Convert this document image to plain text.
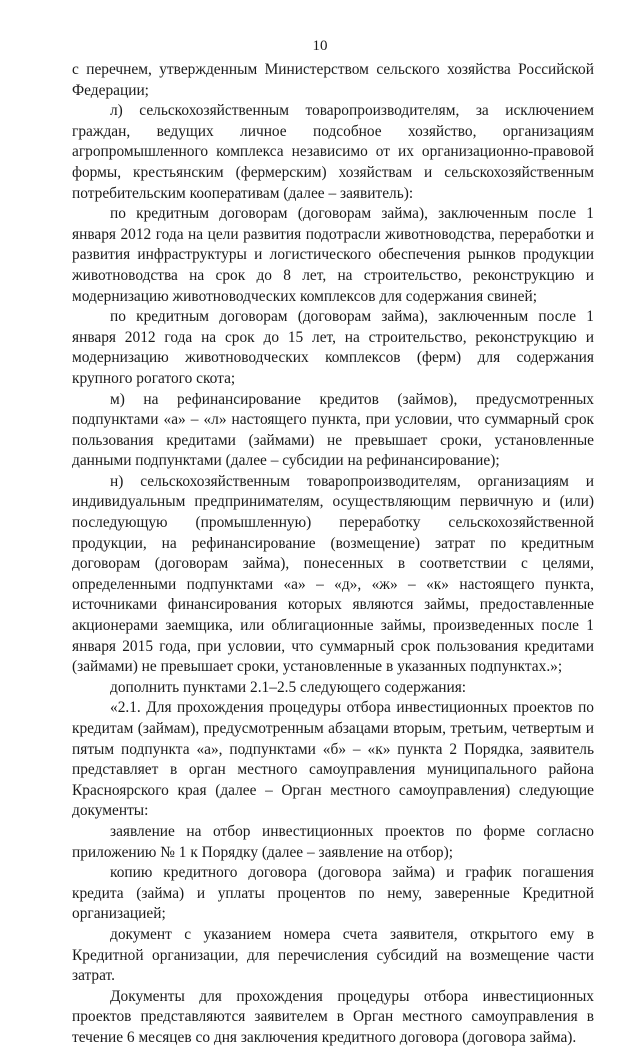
10

с перечнем, утвержденным Министерством сельского хозяйства Российской Федерации;

л) сельскохозяйственным товаропроизводителям, за исключением граждан, ведущих личное подсобное хозяйство, организациям агропромышленного комплекса независимо от их организационно-правовой формы, крестьянским (фермерским) хозяйствам и сельскохозяйственным потребительским кооперативам (далее – заявитель):

по кредитным договорам (договорам займа), заключенным после 1 января 2012 года на цели развития подотрасли животноводства, переработки и развития инфраструктуры и логистического обеспечения рынков продукции животноводства на срок до 8 лет, на строительство, реконструкцию и модернизацию животноводческих комплексов для содержания свиней;

по кредитным договорам (договорам займа), заключенным после 1 января 2012 года на срок до 15 лет, на строительство, реконструкцию и модернизацию животноводческих комплексов (ферм) для содержания крупного рогатого скота;

м) на рефинансирование кредитов (займов), предусмотренных подпунктами «а» – «л» настоящего пункта, при условии, что суммарный срок пользования кредитами (займами) не превышает сроки, установленные данными подпунктами (далее – субсидии на рефинансирование);

н) сельскохозяйственным товаропроизводителям, организациям и индивидуальным предпринимателям, осуществляющим первичную и (или) последующую (промышленную) переработку сельскохозяйственной продукции, на рефинансирование (возмещение) затрат по кредитным договорам (договорам займа), понесенных в соответствии с целями, определенными подпунктами «а» – «д», «ж» – «к» настоящего пункта, источниками финансирования которых являются займы, предоставленные акционерами заемщика, или облигационные займы, произведенных после 1 января 2015 года, при условии, что суммарный срок пользования кредитами (займами) не превышает сроки, установленные в указанных подпунктах.»;

дополнить пунктами 2.1–2.5 следующего содержания:

«2.1. Для прохождения процедуры отбора инвестиционных проектов по кредитам (займам), предусмотренным абзацами вторым, третьим, четвертым и пятым подпункта «а», подпунктами «б» – «к» пункта 2 Порядка, заявитель представляет в орган местного самоуправления муниципального района Красноярского края (далее – Орган местного самоуправления) следующие документы:

заявление на отбор инвестиционных проектов по форме согласно приложению № 1 к Порядку (далее – заявление на отбор);

копию кредитного договора (договора займа) и график погашения кредита (займа) и уплаты процентов по нему, заверенные Кредитной организацией;

документ с указанием номера счета заявителя, открытого ему в Кредитной организации, для перечисления субсидий на возмещение части затрат.

Документы для прохождения процедуры отбора инвестиционных проектов представляются заявителем в Орган местного самоуправления в течение 6 месяцев со дня заключения кредитного договора (договора займа).
